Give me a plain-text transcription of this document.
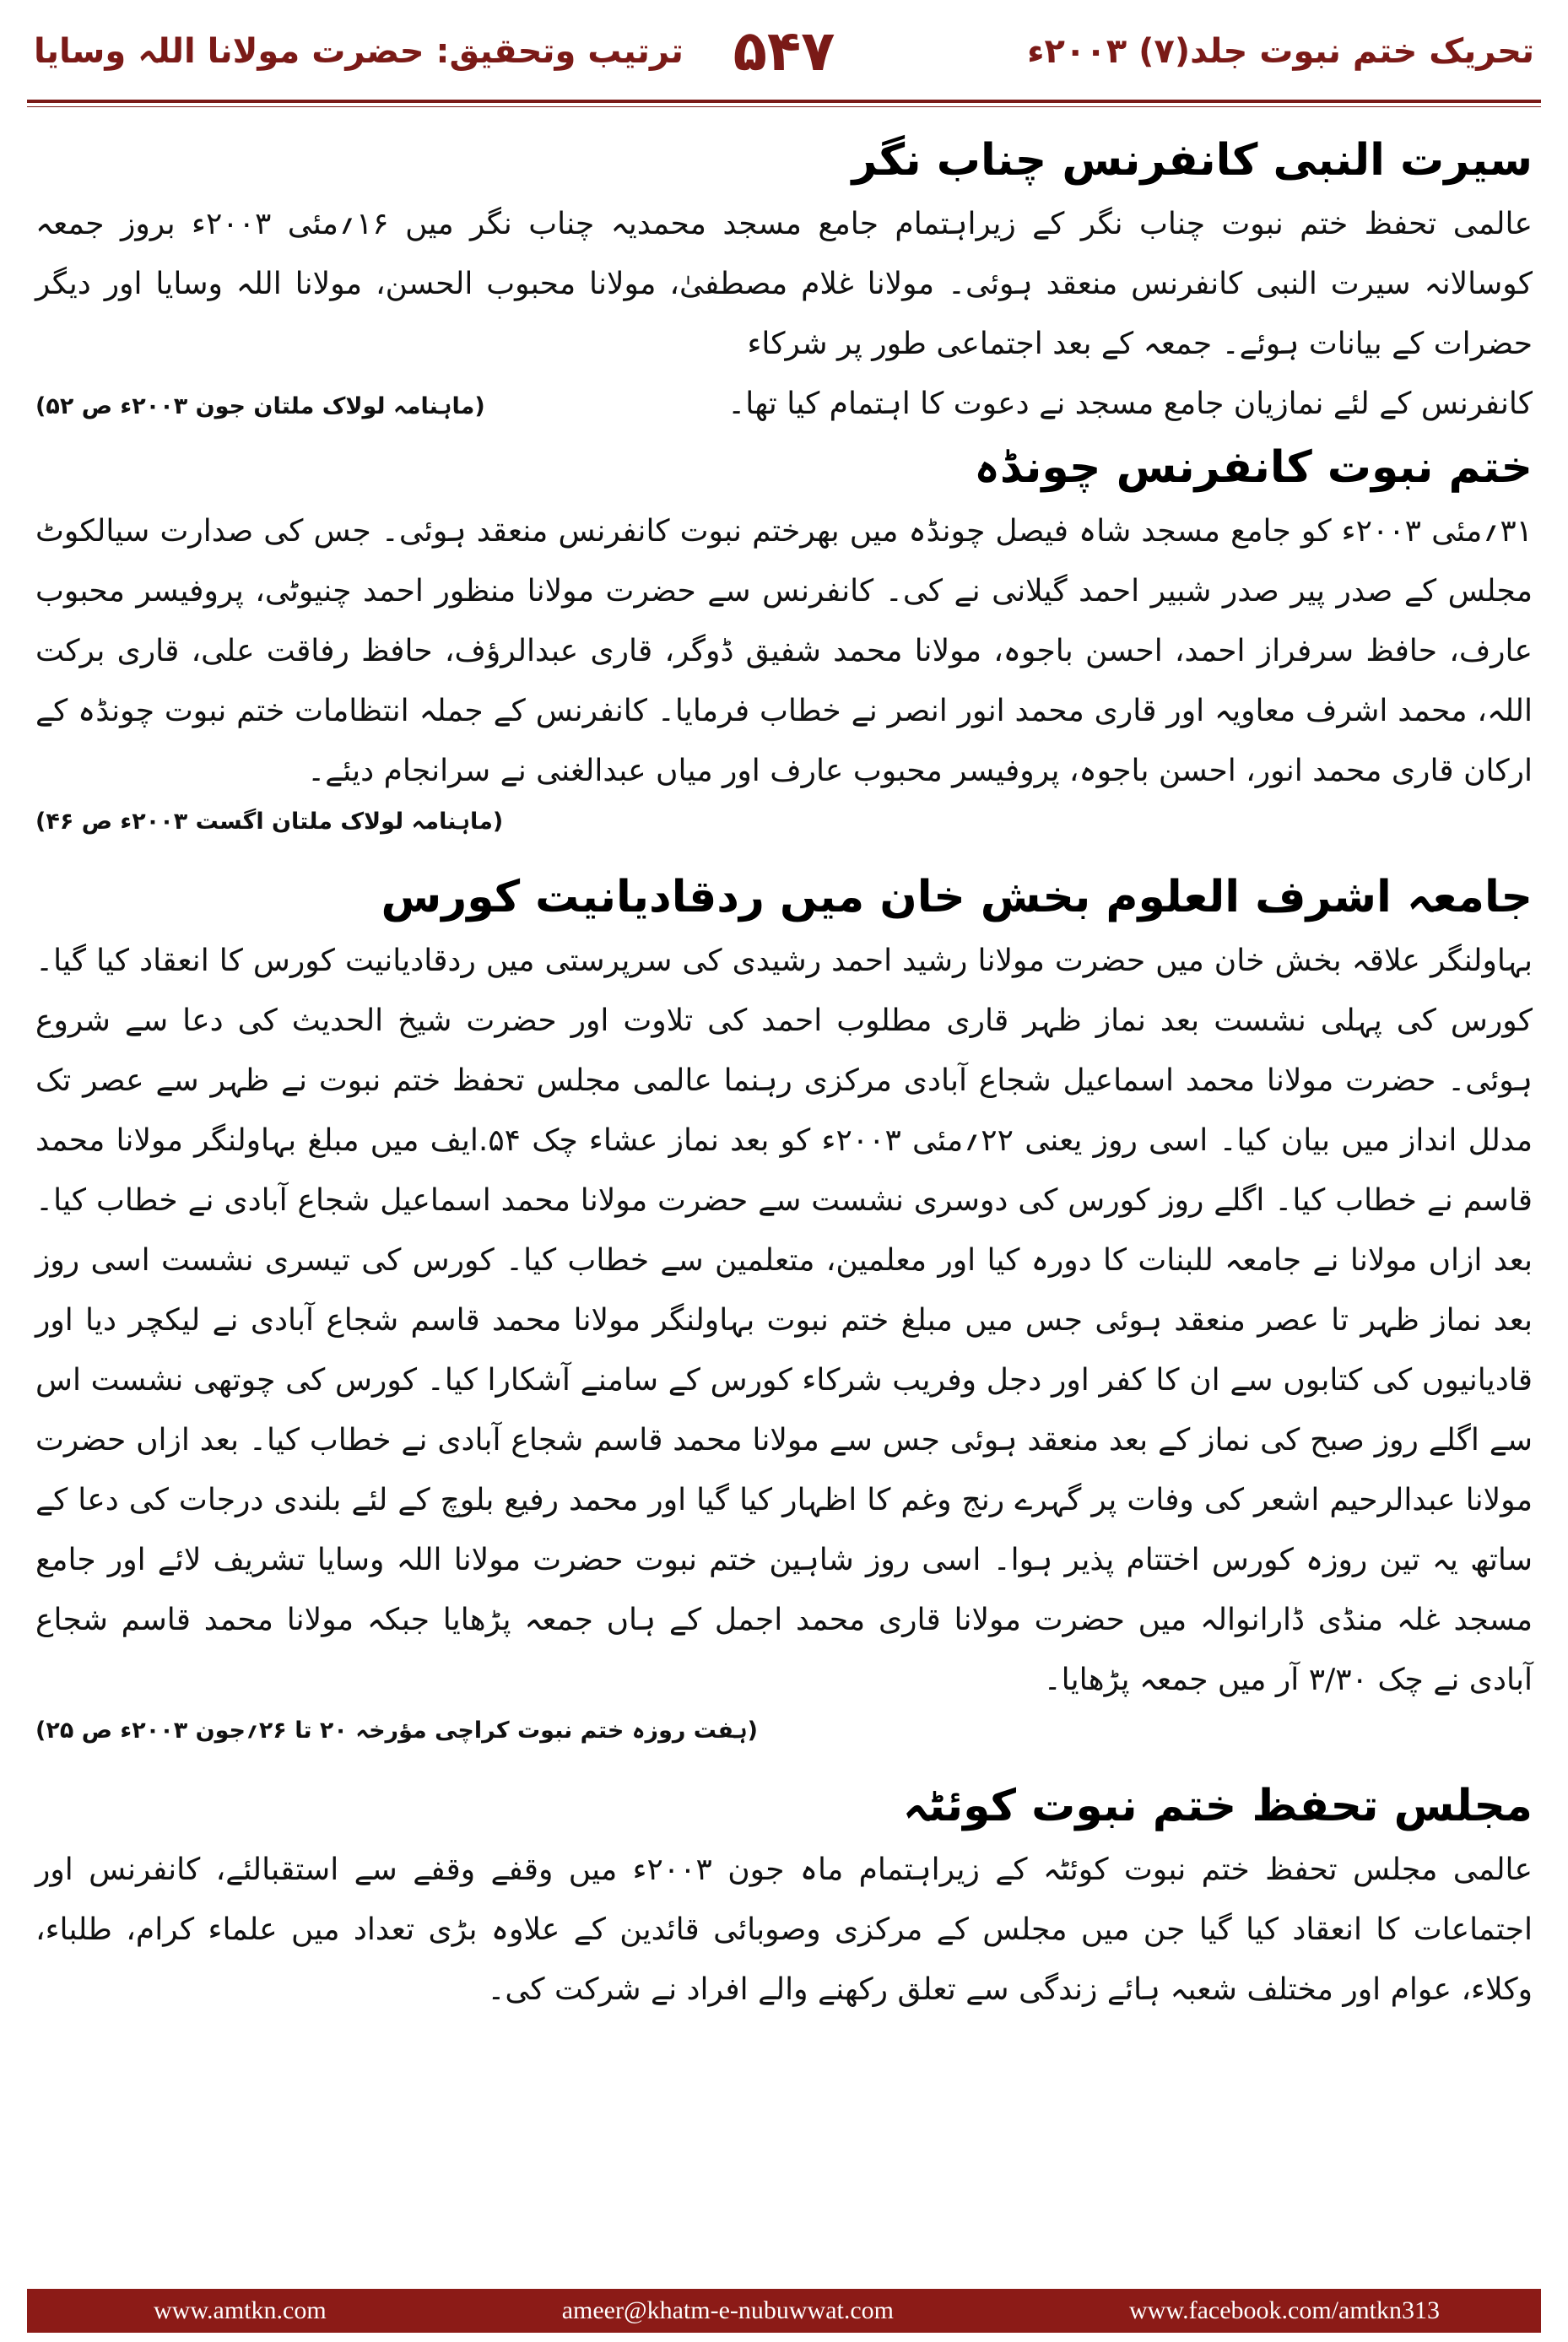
تحریک ختم نبوت جلد(۷) ۲۰۰۳ء
۵۴۷
ترتیب وتحقیق: حضرت مولانا اللہ وسایا
سیرت النبی کانفرنس چناب نگر

عالمی تحفظ ختم نبوت چناب نگر کے زیراہتمام جامع مسجد محمدیہ چناب نگر میں ۱۶؍مئی ۲۰۰۳ء بروز جمعہ کوسالانہ سیرت النبی کانفرنس منعقد ہوئی۔ مولانا غلام مصطفیٰ، مولانا محبوب الحسن، مولانا اللہ وسایا اور دیگر حضرات کے بیانات ہوئے۔ جمعہ کے بعد اجتماعی طور پر شرکاء

کانفرنس کے لئے نمازیان جامع مسجد نے دعوت کا اہتمام کیا تھا۔
(ماہنامہ لولاک ملتان جون ۲۰۰۳ء ص ۵۲)
ختم نبوت کانفرنس چونڈہ

۳۱؍مئی ۲۰۰۳ء کو جامع مسجد شاہ فیصل چونڈہ میں بھرختم نبوت کانفرنس منعقد ہوئی۔ جس کی صدارت سیالکوٹ مجلس کے صدر پیر صدر شبیر احمد گیلانی نے کی۔ کانفرنس سے حضرت مولانا منظور احمد چنیوٹی، پروفیسر محبوب عارف، حافظ سرفراز احمد، احسن باجوہ، مولانا محمد شفیق ڈوگر، قاری عبدالرؤف، حافظ رفاقت علی، قاری برکت اللہ، محمد اشرف معاویہ اور قاری محمد انور انصر نے خطاب فرمایا۔ کانفرنس کے جملہ انتظامات ختم نبوت چونڈہ کے ارکان قاری محمد انور، احسن باجوہ، پروفیسر محبوب عارف اور میاں عبدالغنی نے سرانجام دیئے۔

(ماہنامہ لولاک ملتان اگست ۲۰۰۳ء ص ۴۶)

جامعہ اشرف العلوم بخش خان میں ردقادیانیت کورس

بہاولنگر علاقہ بخش خان میں حضرت مولانا رشید احمد رشیدی کی سرپرستی میں ردقادیانیت کورس کا انعقاد کیا گیا۔ کورس کی پہلی نشست بعد نماز ظہر قاری مطلوب احمد کی تلاوت اور حضرت شیخ الحدیث کی دعا سے شروع ہوئی۔ حضرت مولانا محمد اسماعیل شجاع آبادی مرکزی رہنما عالمی مجلس تحفظ ختم نبوت نے ظہر سے عصر تک مدلل انداز میں بیان کیا۔ اسی روز یعنی ۲۲؍مئی ۲۰۰۳ء کو بعد نماز عشاء چک ۵۴.ایف میں مبلغ بہاولنگر مولانا محمد قاسم نے خطاب کیا۔ اگلے روز کورس کی دوسری نشست سے حضرت مولانا محمد اسماعیل شجاع آبادی نے خطاب کیا۔ بعد ازاں مولانا نے جامعہ للبنات کا دورہ کیا اور معلمین، متعلمین سے خطاب کیا۔ کورس کی تیسری نشست اسی روز بعد نماز ظہر تا عصر منعقد ہوئی جس میں مبلغ ختم نبوت بہاولنگر مولانا محمد قاسم شجاع آبادی نے لیکچر دیا اور قادیانیوں کی کتابوں سے ان کا کفر اور دجل وفریب شرکاء کورس کے سامنے آشکارا کیا۔ کورس کی چوتھی نشست اس سے اگلے روز صبح کی نماز کے بعد منعقد ہوئی جس سے مولانا محمد قاسم شجاع آبادی نے خطاب کیا۔ بعد ازاں حضرت مولانا عبدالرحیم اشعر کی وفات پر گہرے رنج وغم کا اظہار کیا گیا اور محمد رفیع بلوچ کے لئے بلندی درجات کی دعا کے ساتھ یہ تین روزہ کورس اختتام پذیر ہوا۔ اسی روز شاہین ختم نبوت حضرت مولانا اللہ وسایا تشریف لائے اور جامع مسجد غلہ منڈی ڈارانوالہ میں حضرت مولانا قاری محمد اجمل کے ہاں جمعہ پڑھایا جبکہ مولانا محمد قاسم شجاع آبادی نے چک ۳/۳۰ آر میں جمعہ پڑھایا۔

(ہفت روزہ ختم نبوت کراچی مؤرخہ ۲۰ تا ۲۶؍جون ۲۰۰۳ء ص ۲۵)

مجلس تحفظ ختم نبوت کوئٹہ

عالمی مجلس تحفظ ختم نبوت کوئٹہ کے زیراہتمام ماہ جون ۲۰۰۳ء میں وقفے وقفے سے استقبالئے، کانفرنس اور اجتماعات کا انعقاد کیا گیا جن میں مجلس کے مرکزی وصوبائی قائدین کے علاوہ بڑی تعداد میں علماء کرام، طلباء، وکلاء، عوام اور مختلف شعبہ ہائے زندگی سے تعلق رکھنے والے افراد نے شرکت کی۔

www.amtkn.com	ameer@khatm-e-nubuwwat.com	www.facebook.com/amtkn313
